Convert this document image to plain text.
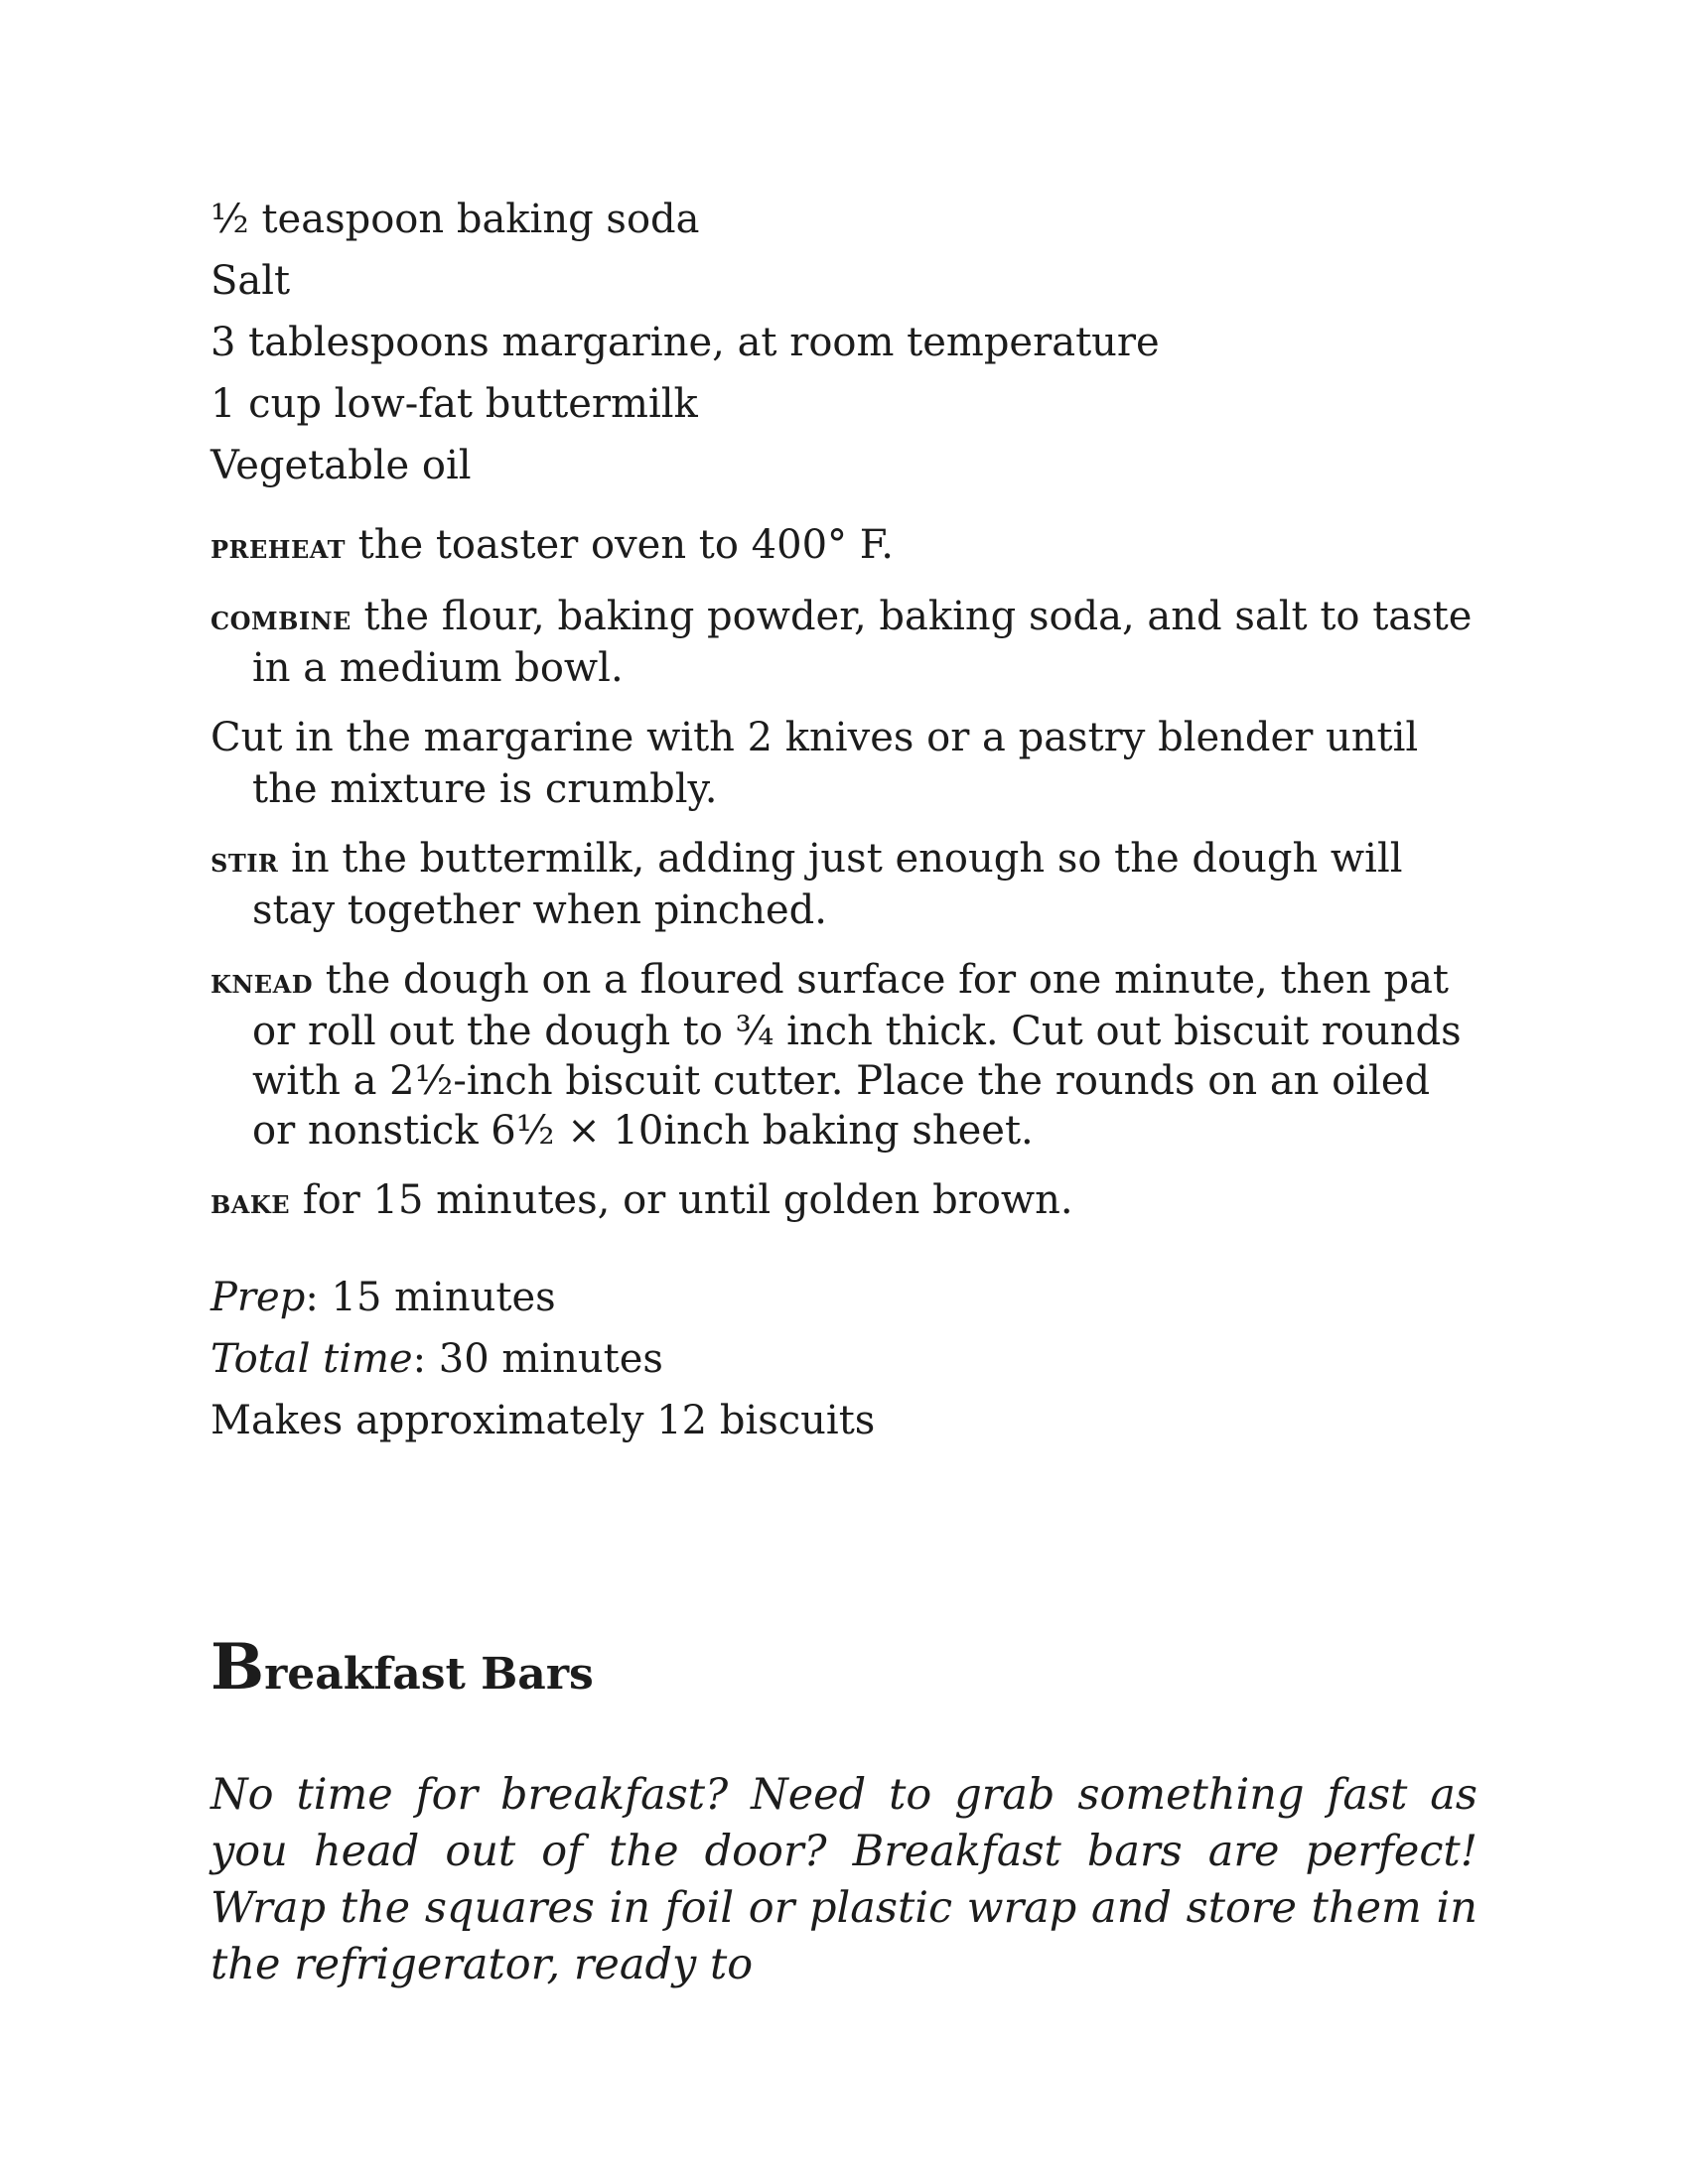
½ teaspoon baking soda

Salt

3 tablespoons margarine, at room temperature

1 cup low-fat buttermilk

Vegetable oil

preheat the toaster oven to 400° F.

combine the flour, baking powder, baking soda, and salt to taste in a medium bowl.

Cut in the margarine with 2 knives or a pastry blender until the mixture is crumbly.

stir in the buttermilk, adding just enough so the dough will stay together when pinched.

knead the dough on a floured surface for one minute, then pat or roll out the dough to ¾ inch thick. Cut out biscuit rounds with a 2½-inch biscuit cutter. Place the rounds on an oiled or nonstick 6½ × 10inch baking sheet.

bake for 15 minutes, or until golden brown.

Prep: 15 minutes

Total time: 30 minutes

Makes approximately 12 biscuits

Breakfast Bars

No time for breakfast? Need to grab something fast as you head out of the door? Breakfast bars are perfect! Wrap the squares in foil or plastic wrap and store them in the refrigerator, ready to
